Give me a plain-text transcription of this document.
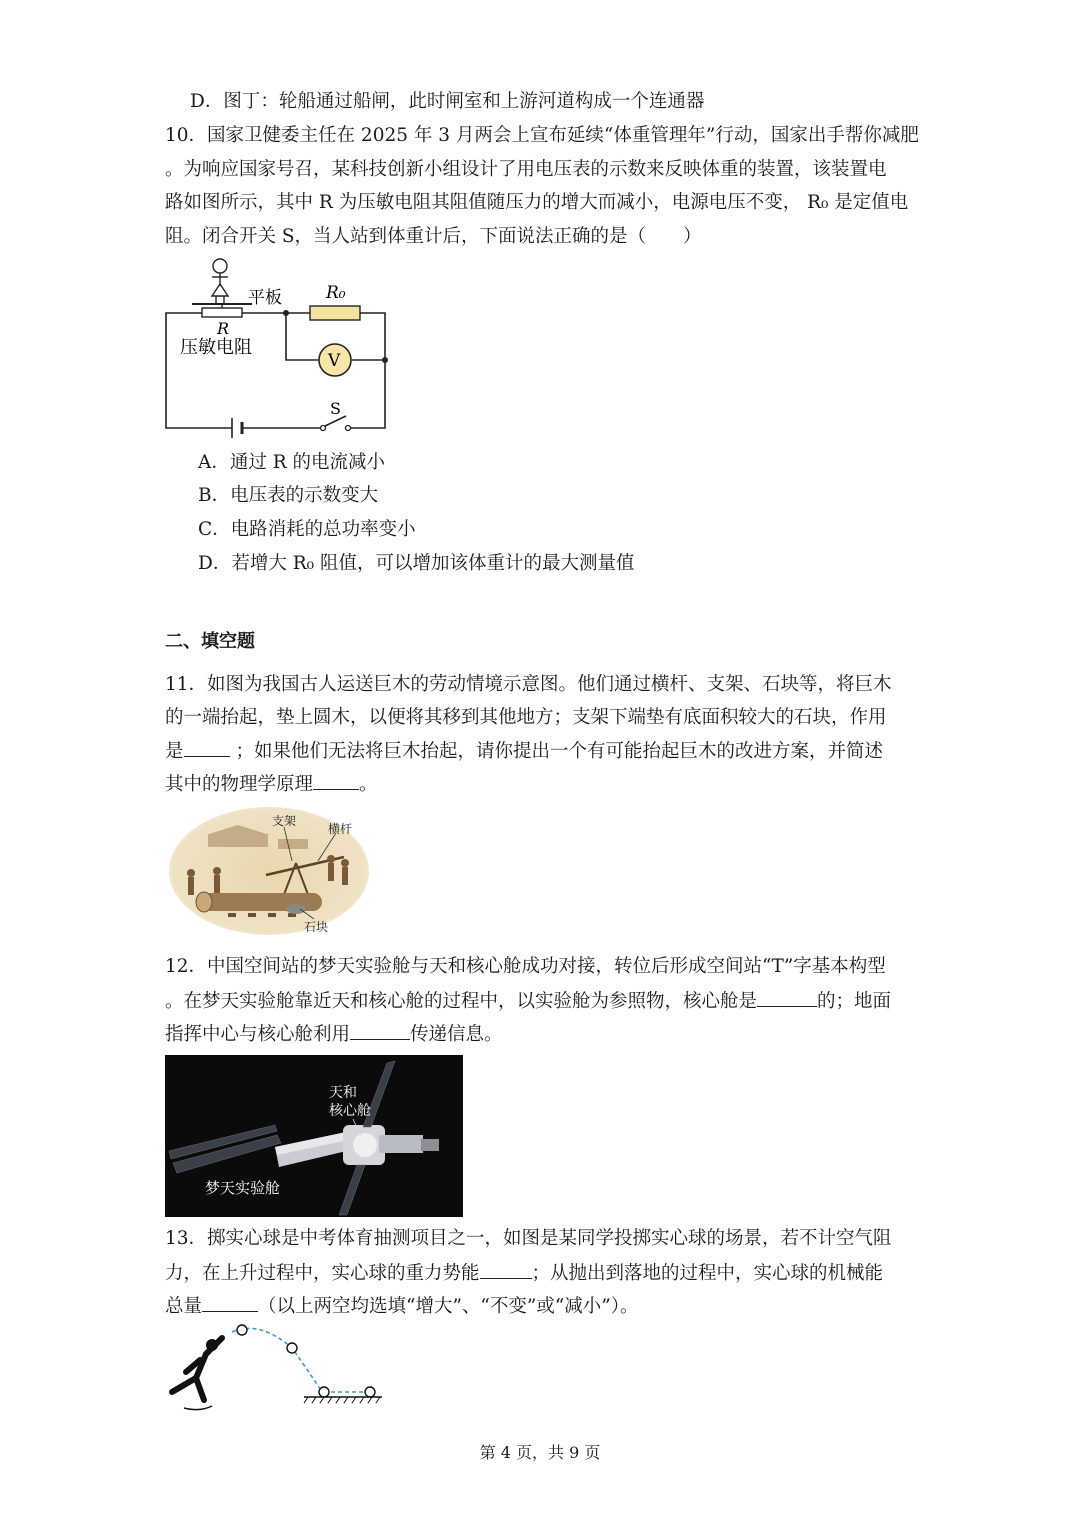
D．图丁：轮船通过船闸，此时闸室和上游河道构成一个连通器
10．国家卫健委主任在 2025 年 3 月两会上宣布延续“体重管理年”行动，国家出手帮你减肥
。为响应国家号召，某科技创新小组设计了用电压表的示数来反映体重的装置，该装置电
路如图所示，其中 R 为压敏电阻其阻值随压力的增大而减小，电源电压不变， R₀ 是定值电
阻。闭合开关 S，当人站到体重计后，下面说法正确的是（　　）
平板
R
压敏电阻
R₀
V
S
A．通过 R 的电流减小
B．电压表的示数变大
C．电路消耗的总功率变小
D．若增大 R₀ 阻值，可以增加该体重计的最大测量值
二、填空题
11．如图为我国古人运送巨木的劳动情境示意图。他们通过横杆、支架、石块等，将巨木
的一端抬起，垫上圆木，以便将其移到其他地方；支架下端垫有底面积较大的石块，作用
是	；如果他们无法将巨木抬起，请你提出一个有可能抬起巨木的改进方案，并简述
其中的物理学原理 。
支架
横杆
石块
12．中国空间站的梦天实验舱与天和核心舱成功对接，转位后形成空间站“T”字基本构型
。在梦天实验舱靠近天和核心舱的过程中，以实验舱为参照物，核心舱是	的；地面
指挥中心与核心舱利用	传递信息。
天和
核心舱
梦天实验舱
13．掷实心球是中考体育抽测项目之一，如图是某同学投掷实心球的场景，若不计空气阻
力，在上升过程中，实心球的重力势能	；从抛出到落地的过程中，实心球的机械能
总量	（以上两空均选填“增大”、“不变”或“减小”）。
第 4 页，共 9 页
